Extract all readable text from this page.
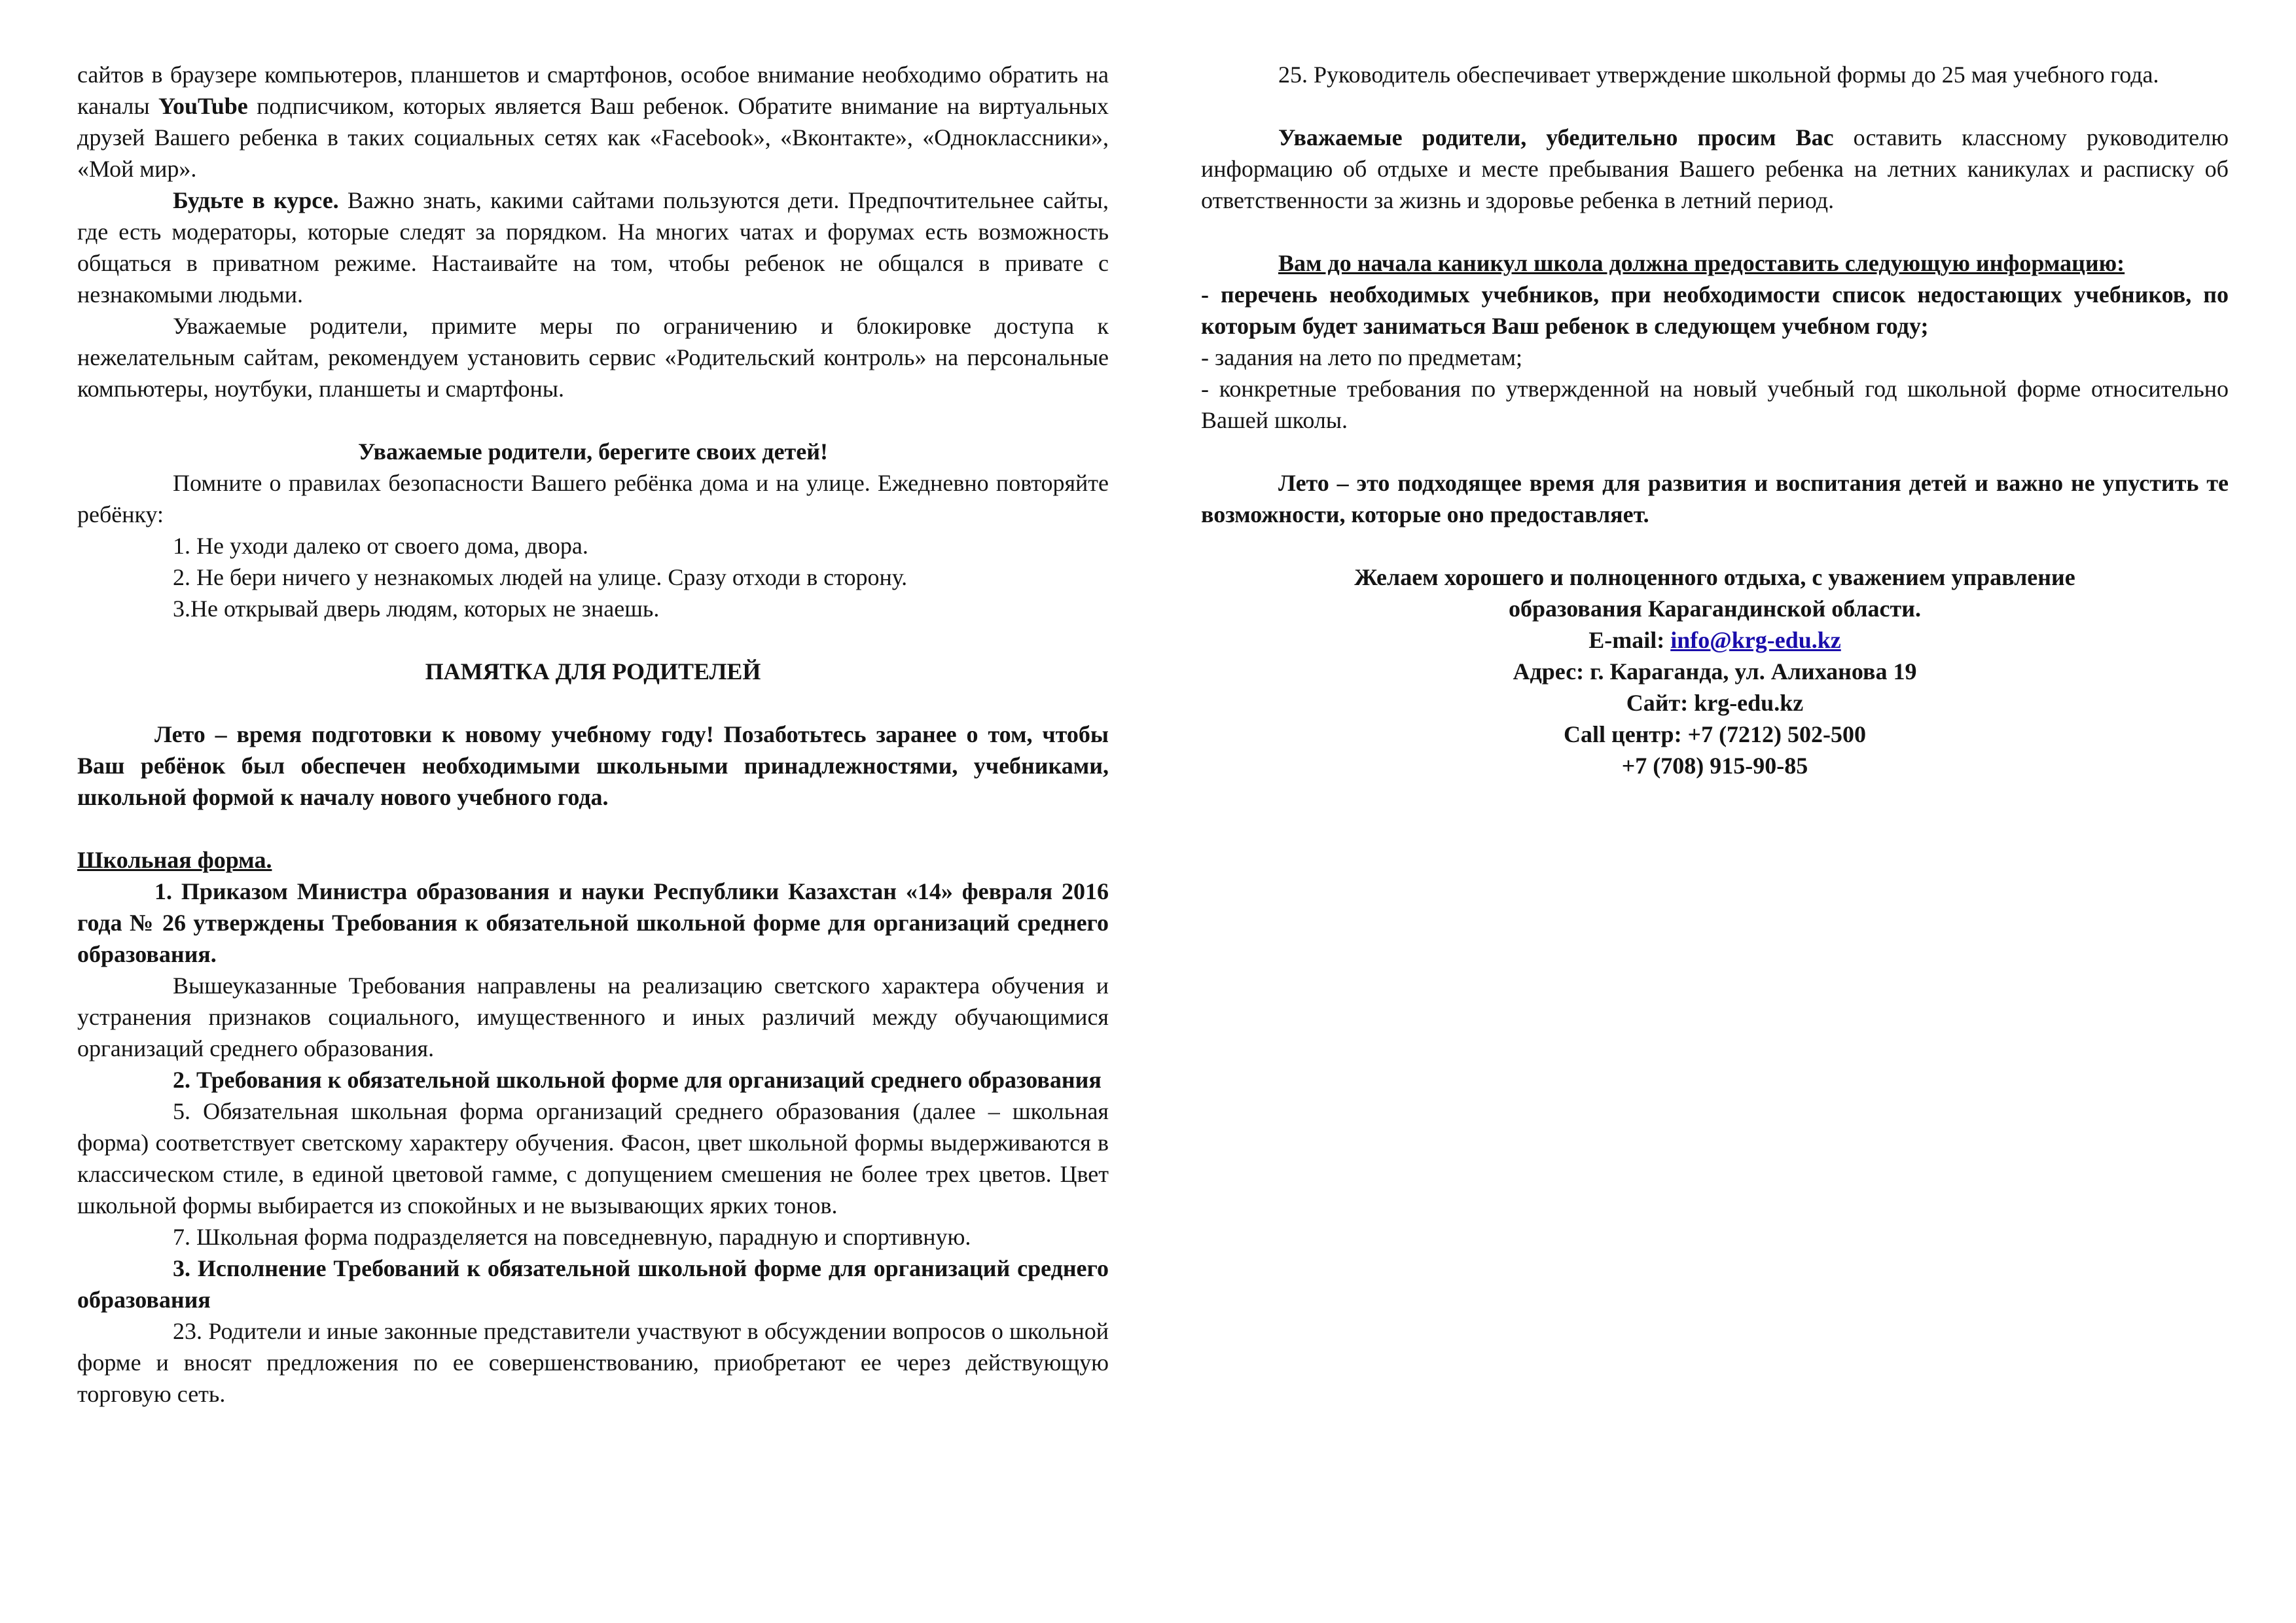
сайтов в браузере компьютеров, планшетов и смартфонов, особое внимание необходимо обратить на каналы YouTube подписчиком, которых является Ваш ребенок. Обратите внимание на виртуальных друзей Вашего ребенка в таких социальных сетях как «Facebook», «Вконтакте», «Одноклассники», «Мой мир».

Будьте в курсе. Важно знать, какими сайтами пользуются дети. Предпочтительнее сайты, где есть модераторы, которые следят за порядком. На многих чатах и форумах есть возможность общаться в приватном режиме. Настаивайте на том, чтобы ребенок не общался в привате с незнакомыми людьми.

Уважаемые родители, примите меры по ограничению и блокировке доступа к нежелательным сайтам, рекомендуем установить сервис «Родительский контроль» на персональные компьютеры, ноутбуки, планшеты и смартфоны.

Уважаемые родители, берегите своих детей!

Помните о правилах безопасности Вашего ребёнка дома и на улице. Ежедневно повторяйте ребёнку:

1. Не уходи далеко от своего дома, двора.

2. Не бери ничего у незнакомых людей на улице. Сразу отходи в сторону.

3.Не открывай дверь людям, которых не знаешь.

ПАМЯТКА ДЛЯ РОДИТЕЛЕЙ

Лето – время подготовки к новому учебному году! Позаботьтесь заранее о том, чтобы Ваш ребёнок был обеспечен необходимыми школьными принадлежностями, учебниками, школьной формой к началу нового учебного года.

Школьная форма.

1. Приказом Министра образования и науки Республики Казахстан «14» февраля 2016 года № 26 утверждены Требования к обязательной школьной форме для организаций среднего образования.

Вышеуказанные Требования направлены на реализацию светского характера обучения и устранения признаков социального, имущественного и иных различий между обучающимися организаций среднего образования.

2. Требования к обязательной школьной форме для организаций среднего образования

5. Обязательная школьная форма организаций среднего образования (далее – школьная форма) соответствует светскому характеру обучения. Фасон, цвет школьной формы выдерживаются в классическом стиле, в единой цветовой гамме, с допущением смешения не более трех цветов. Цвет школьной формы выбирается из спокойных и не вызывающих ярких тонов.

7. Школьная форма подразделяется на повседневную, парадную и спортивную.

3. Исполнение Требований к обязательной школьной форме для организаций среднего образования

23. Родители и иные законные представители участвуют в обсуждении вопросов о школьной форме и вносят предложения по ее совершенствованию, приобретают ее через действующую торговую сеть.

25. Руководитель обеспечивает утверждение школьной формы до 25 мая учебного года.

Уважаемые родители, убедительно просим Вас оставить классному руководителю информацию об отдыхе и месте пребывания Вашего ребенка на летних каникулах и расписку об ответственности за жизнь и здоровье ребенка в летний период.

Вам до начала каникул школа должна предоставить следующую информацию:

- перечень необходимых учебников, при необходимости список недостающих учебников, по которым будет заниматься Ваш ребенок в следующем учебном году;

- задания на лето по предметам;

- конкретные требования по утвержденной на новый учебный год школьной форме относительно Вашей школы.

Лето – это подходящее время для развития и воспитания детей и важно не упустить те возможности, которые оно предоставляет.

Желаем хорошего и полноценного отдыха, с уважением управление

образования Карагандинской области.

E-mail: info@krg-edu.kz

Адрес: г. Караганда, ул. Алиханова 19

Сайт: krg-edu.kz

Call центр: +7 (7212) 502-500

+7 (708) 915-90-85
